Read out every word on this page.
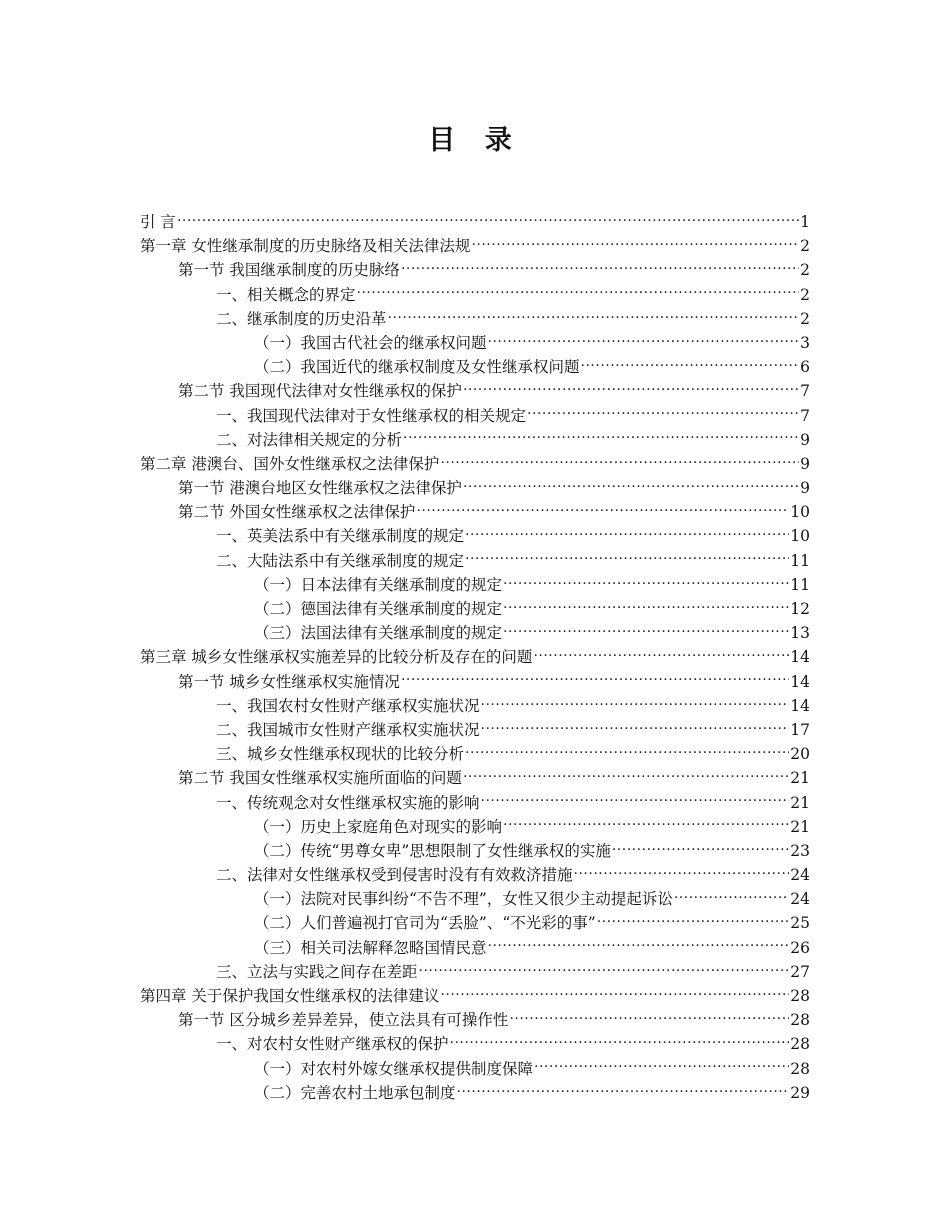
目 录
引 言 .....	1
第一章 女性继承制度的历史脉络及相关法律法规 .....	2
第一节 我国继承制度的历史脉络 .....	2
一、相关概念的界定 .....	2
二、继承制度的历史沿革 .....	2
（一）我国古代社会的继承权问题 .....	3
（二）我国近代的继承权制度及女性继承权问题 .....	6
第二节 我国现代法律对女性继承权的保护 .....	7
一、我国现代法律对于女性继承权的相关规定 .....	7
二、对法律相关规定的分析 .....	9
第二章 港澳台、国外女性继承权之法律保护 .....	9
第一节 港澳台地区女性继承权之法律保护 .....	9
第二节 外国女性继承权之法律保护 .....	10
一、英美法系中有关继承制度的规定 .....	10
二、大陆法系中有关继承制度的规定 .....	11
（一）日本法律有关继承制度的规定 .....	11
（二）德国法律有关继承制度的规定 .....	12
（三）法国法律有关继承制度的规定 .....	13
第三章 城乡女性继承权实施差异的比较分析及存在的问题 .....	14
第一节 城乡女性继承权实施情况 .....	14
一、我国农村女性财产继承权实施状况 .....	14
二、我国城市女性财产继承权实施状况 .....	17
三、城乡女性继承权现状的比较分析 .....	20
第二节 我国女性继承权实施所面临的问题 .....	21
一、传统观念对女性继承权实施的影响 .....	21
（一）历史上家庭角色对现实的影响 .....	21
（二）传统“男尊女卑”思想限制了女性继承权的实施 .....	23
二、法律对女性继承权受到侵害时没有有效救济措施 .....	24
（一）法院对民事纠纷“不告不理”，女性又很少主动提起诉讼 .....	24
（二）人们普遍视打官司为“丢脸”、“不光彩的事” .....	25
（三）相关司法解释忽略国情民意 .....	26
三、立法与实践之间存在差距 .....	27
第四章 关于保护我国女性继承权的法律建议 .....	28
第一节 区分城乡差异差异，使立法具有可操作性 .....	28
一、对农村女性财产继承权的保护 .....	28
（一）对农村外嫁女继承权提供制度保障 .....	28
（二）完善农村土地承包制度 .....	29
